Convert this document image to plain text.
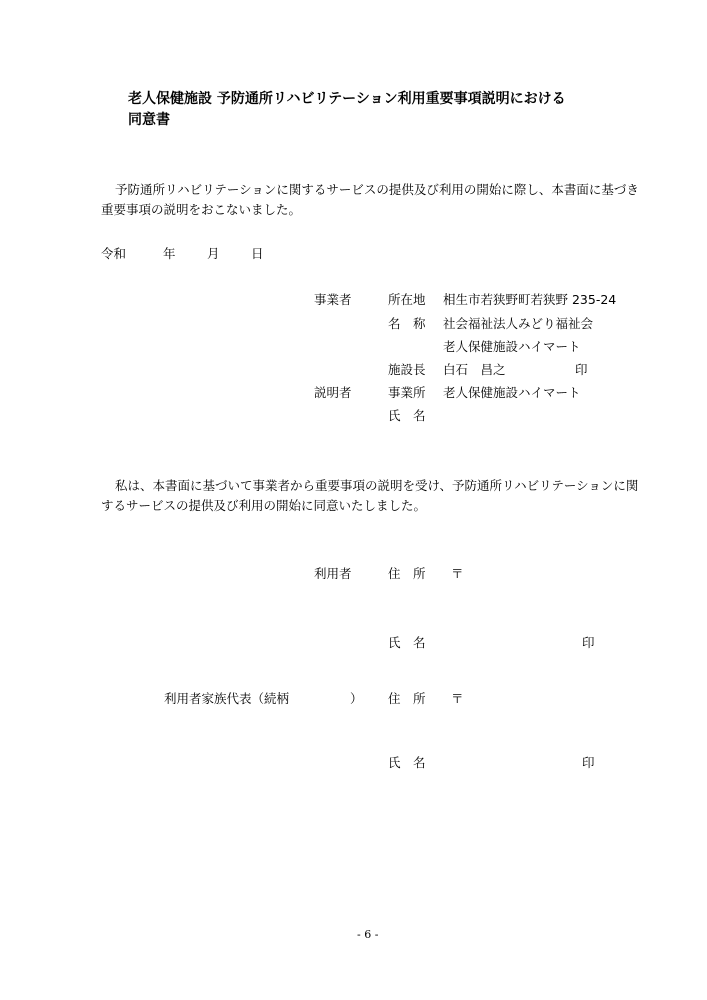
老人保健施設 予防通所リハビリテーション利用重要事項説明における
同意書
予防通所リハビリテーションに関するサービスの提供及び利用の開始に際し、本書面に基づき
重要事項の説明をおこないました。
令和	年	月	日
事業者	所在地 相生市若狭野町若狭野 235-24
名　称 社会福祉法人みどり福祉会
老人保健施設ハイマート
施設長 白石　昌之	印
説明者	事業所 老人保健施設ハイマート
氏　名
私は、本書面に基づいて事業者から重要事項の説明を受け、予防通所リハビリテーションに関
するサービスの提供及び利用の開始に同意いたしました。
利用者	住　所 〒
氏　名	印
利用者家族代表（続柄	） 住　所 〒
氏　名	印
- 6 -
